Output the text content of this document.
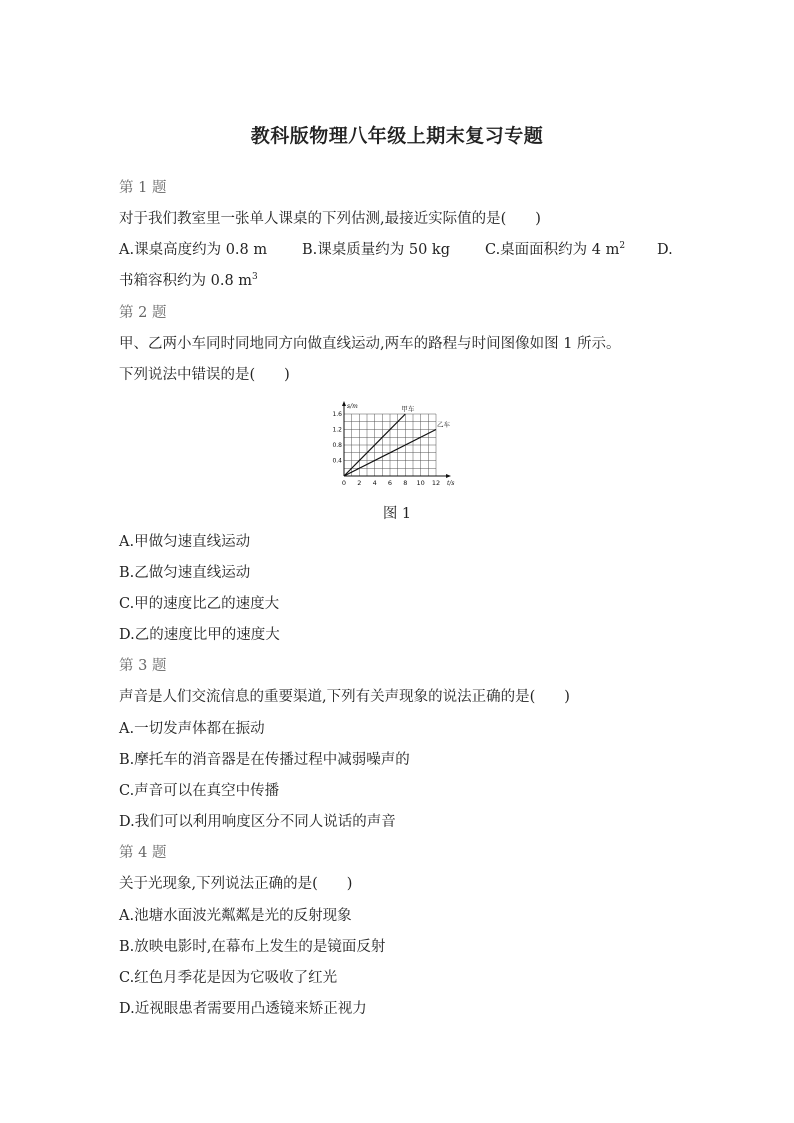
教科版物理八年级上期末复习专题
第 1 题
对于我们教室里一张单人课桌的下列估测,最接近实际值的是(　　)
A.课桌高度约为 0.8 m B.课桌质量约为 50 kg C.桌面面积约为 4 $m^2$ D.
书箱容积约为 0.8 $m^3$
第 2 题
甲、乙两小车同时同地同方向做直线运动,两车的路程与时间图像如图 1 所示。
下列说法中错误的是(　　)
0 2 4 6 8 10 12
0.4
0.8
1.2
1.6
t/s
s/m	甲车
乙车
图 1
A.甲做匀速直线运动
B.乙做匀速直线运动
C.甲的速度比乙的速度大
D.乙的速度比甲的速度大
第 3 题
声音是人们交流信息的重要渠道,下列有关声现象的说法正确的是(　　)
A.一切发声体都在振动
B.摩托车的消音器是在传播过程中减弱噪声的
C.声音可以在真空中传播
D.我们可以利用响度区分不同人说话的声音
第 4 题
关于光现象,下列说法正确的是(　　)
A.池塘水面波光粼粼是光的反射现象
B.放映电影时,在幕布上发生的是镜面反射
C.红色月季花是因为它吸收了红光
D.近视眼患者需要用凸透镜来矫正视力
